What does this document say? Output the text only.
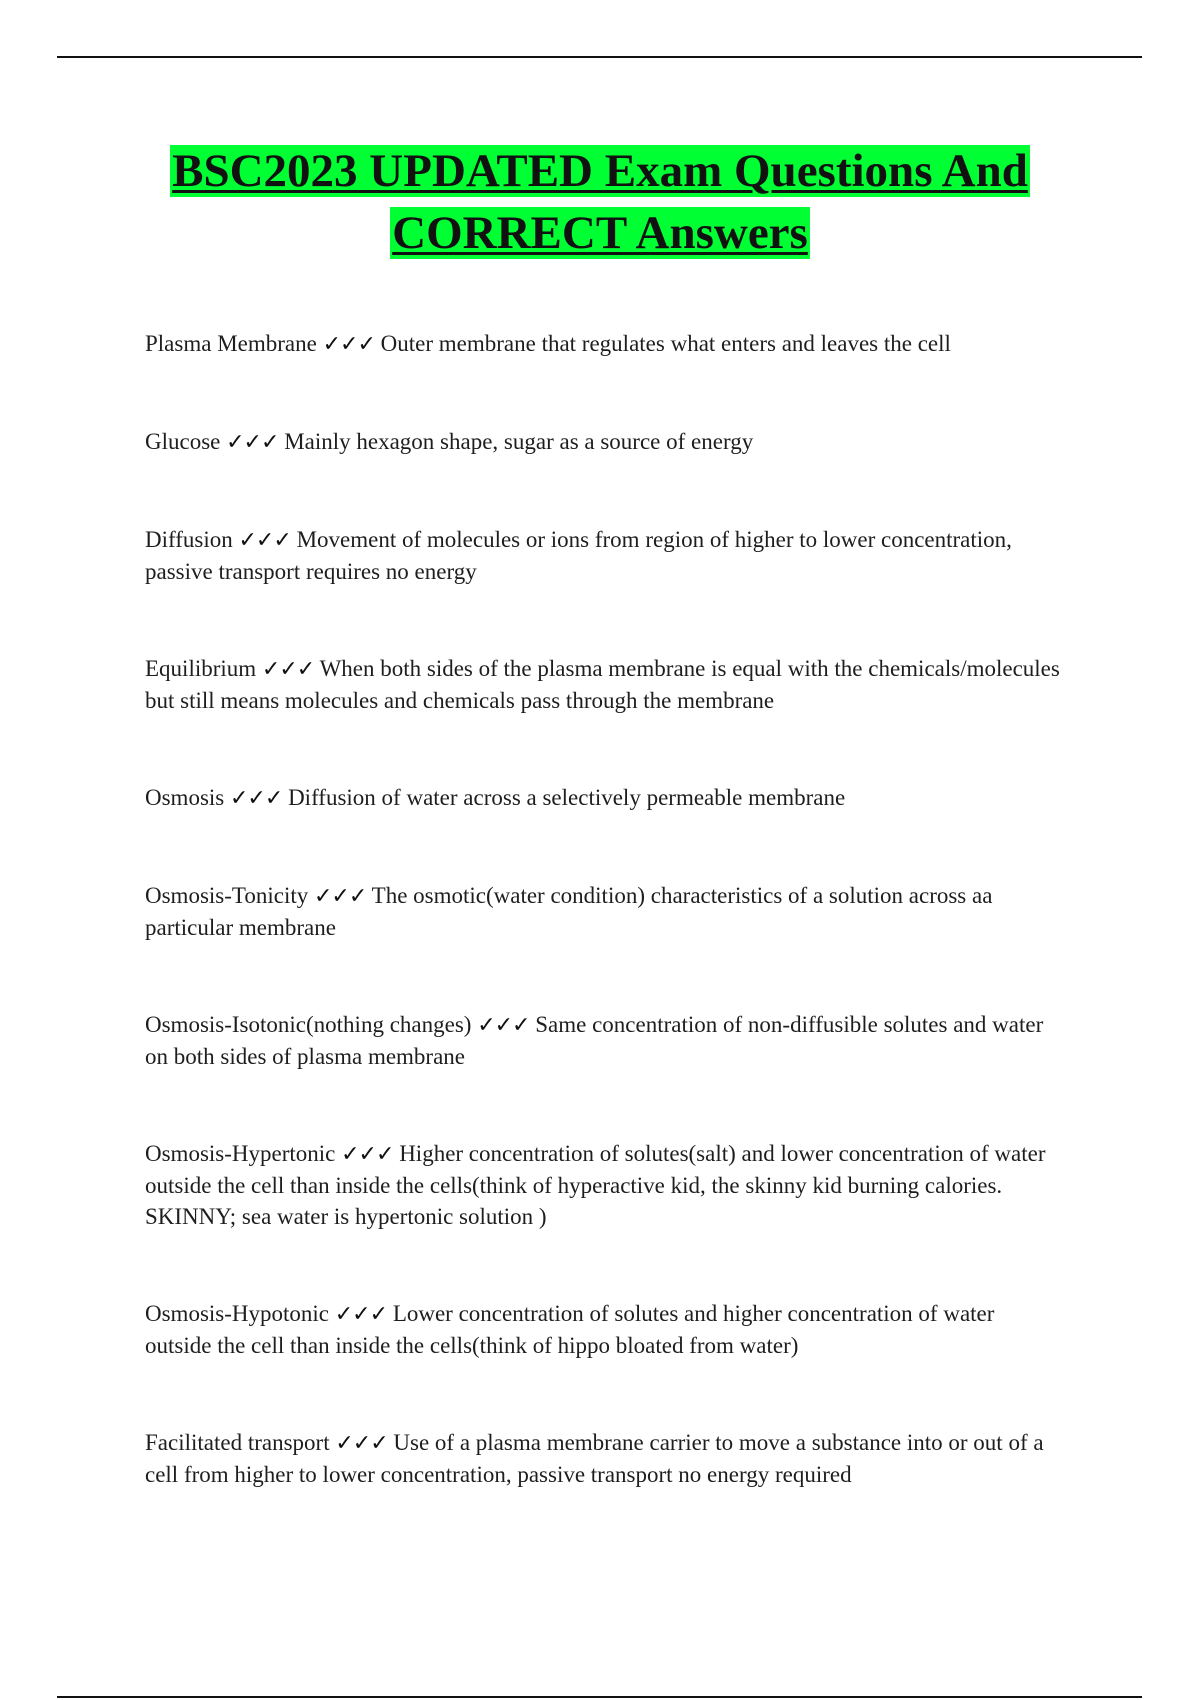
BSC2023 UPDATED Exam Questions And CORRECT Answers
Plasma Membrane ✓✓✓ Outer membrane that regulates what enters and leaves the cell
Glucose ✓✓✓ Mainly hexagon shape, sugar as a source of energy
Diffusion ✓✓✓ Movement of molecules or ions from region of higher to lower concentration, passive transport requires no energy
Equilibrium ✓✓✓ When both sides of the plasma membrane is equal with the chemicals/molecules but still means molecules and chemicals pass through the membrane
Osmosis ✓✓✓ Diffusion of water across a selectively permeable membrane
Osmosis-Tonicity ✓✓✓ The osmotic(water condition) characteristics of a solution across aa particular membrane
Osmosis-Isotonic(nothing changes) ✓✓✓ Same concentration of non-diffusible solutes and water on both sides of plasma membrane
Osmosis-Hypertonic ✓✓✓ Higher concentration of solutes(salt) and lower concentration of water outside the cell than inside the cells(think of hyperactive kid, the skinny kid burning calories. SKINNY; sea water is hypertonic solution )
Osmosis-Hypotonic ✓✓✓ Lower concentration of solutes and higher concentration of water outside the cell than inside the cells(think of hippo bloated from water)
Facilitated transport ✓✓✓ Use of a plasma membrane carrier to move a substance into or out of a cell from higher to lower concentration, passive transport no energy required
